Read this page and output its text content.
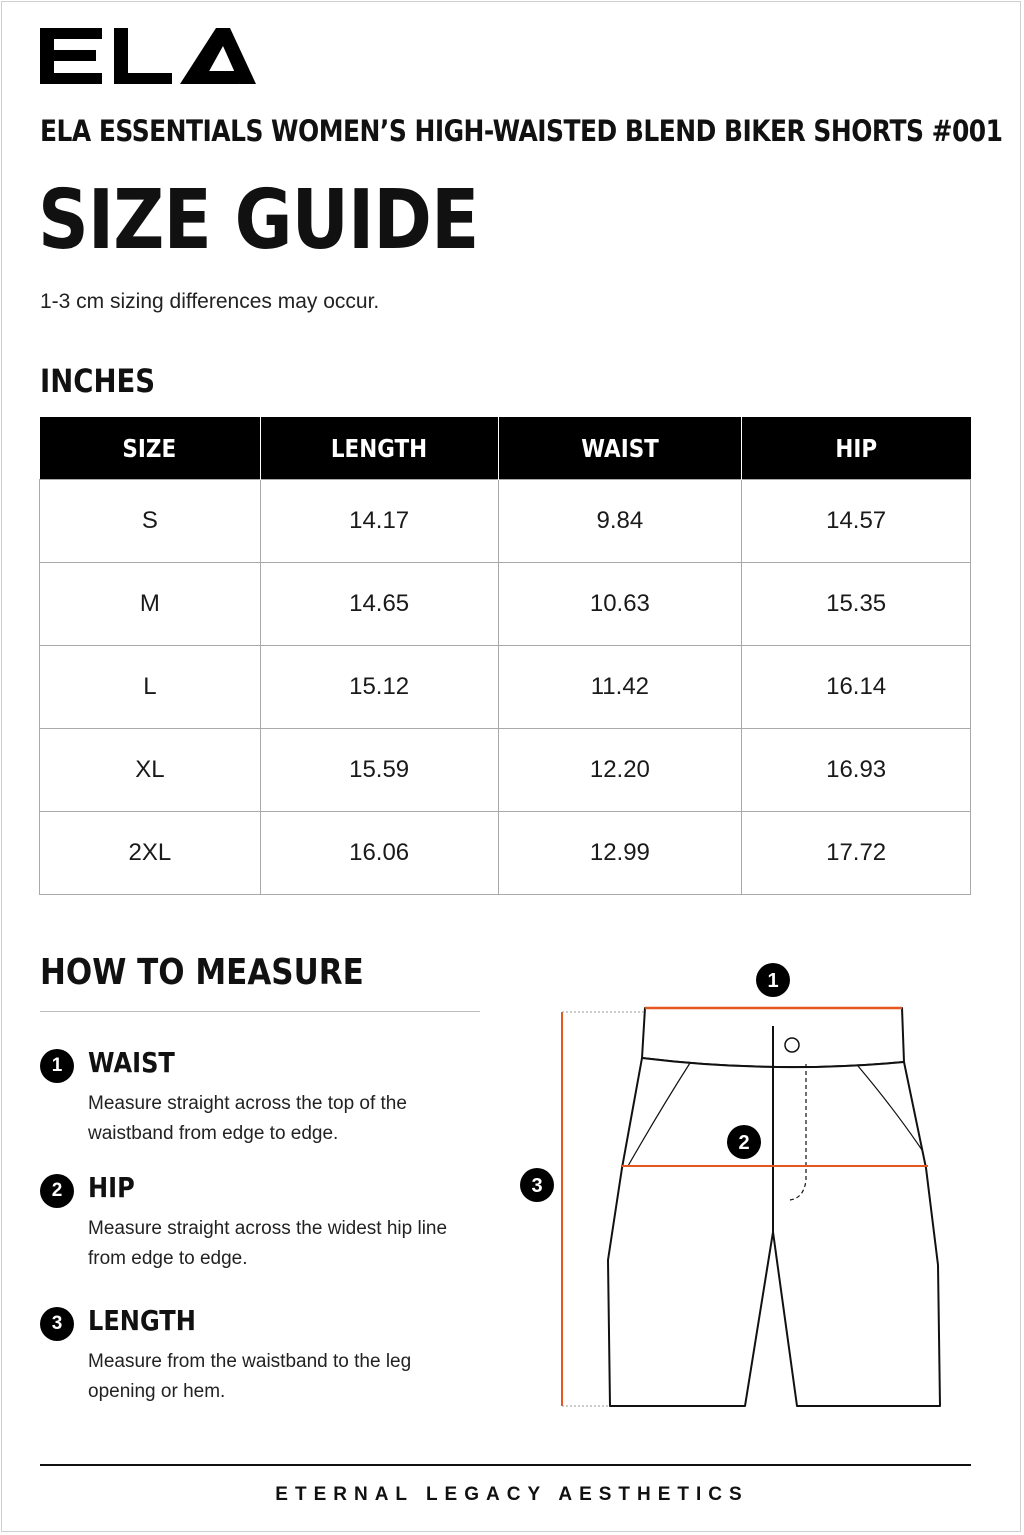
ELA ESSENTIALS WOMEN’S HIGH-WAISTED BLEND BIKER SHORTS #001
SIZE GUIDE
1-3 cm sizing differences may occur.
INCHES
SIZE	LENGTH	WAIST	HIP
S	14.17	9.84	14.57
M	14.65	10.63	15.35
L	15.12	11.42	16.14
XL	15.59	12.20	16.93
2XL	16.06	12.99	17.72
HOW TO MEASURE
1 WAIST
Measure straight across the top of the waistband from edge to edge.
2 HIP
Measure straight across the widest hip line from edge to edge.
3 LENGTH
Measure from the waistband to the leg opening or hem.
1
2
3
ETERNAL LEGACY AESTHETICS
